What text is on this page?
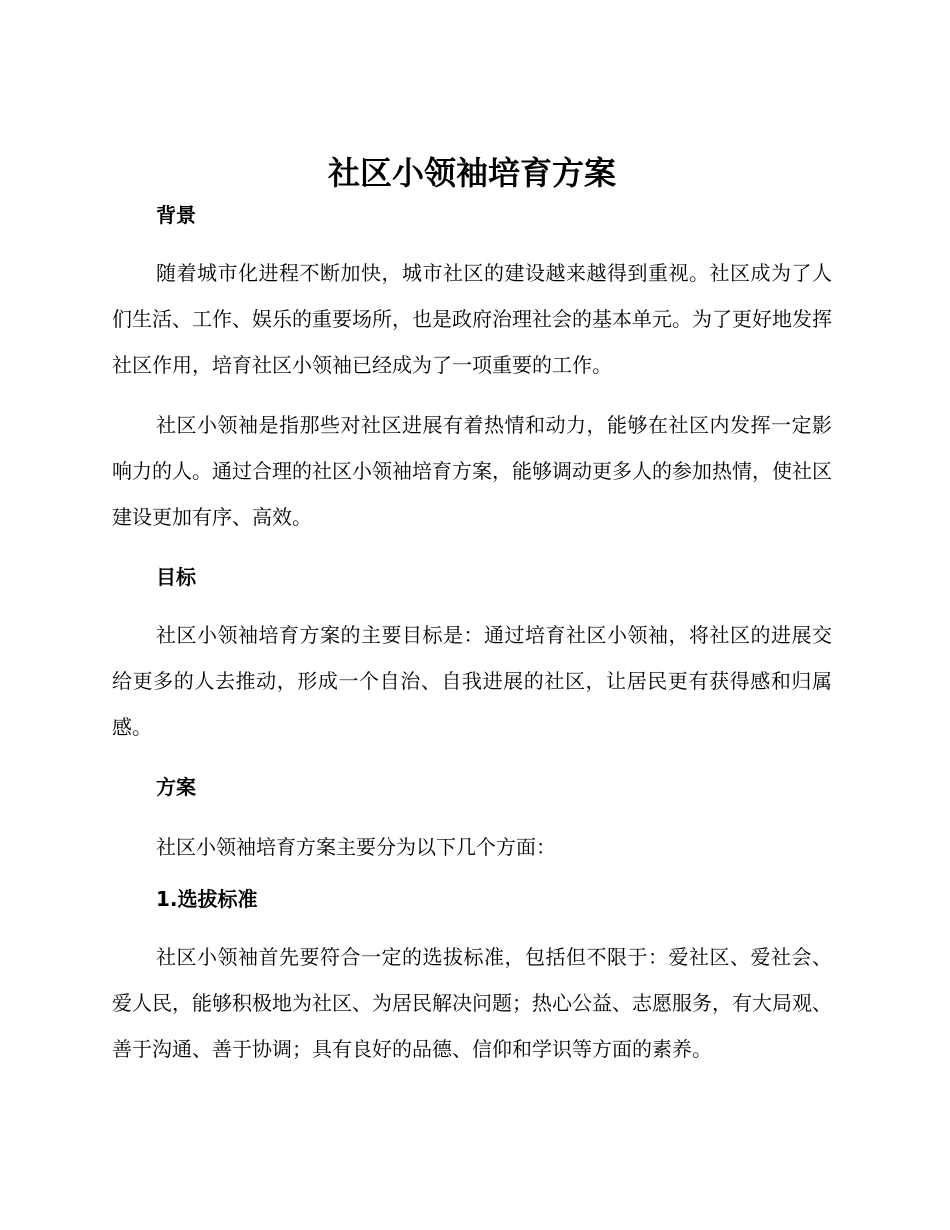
社区小领袖培育方案
背景

随着城市化进程不断加快，城市社区的建设越来越得到重视。社区成为了人们生活、工作、娱乐的重要场所，也是政府治理社会的基本单元。为了更好地发挥社区作用，培育社区小领袖已经成为了一项重要的工作。

社区小领袖是指那些对社区进展有着热情和动力，能够在社区内发挥一定影响力的人。通过合理的社区小领袖培育方案，能够调动更多人的参加热情，使社区建设更加有序、高效。

目标

社区小领袖培育方案的主要目标是：通过培育社区小领袖，将社区的进展交给更多的人去推动，形成一个自治、自我进展的社区，让居民更有获得感和归属感。

方案

社区小领袖培育方案主要分为以下几个方面：

1.选拔标准

社区小领袖首先要符合一定的选拔标准，包括但不限于：爱社区、爱社会、爱人民，能够积极地为社区、为居民解决问题；热心公益、志愿服务，有大局观、善于沟通、善于协调；具有良好的品德、信仰和学识等方面的素养。
